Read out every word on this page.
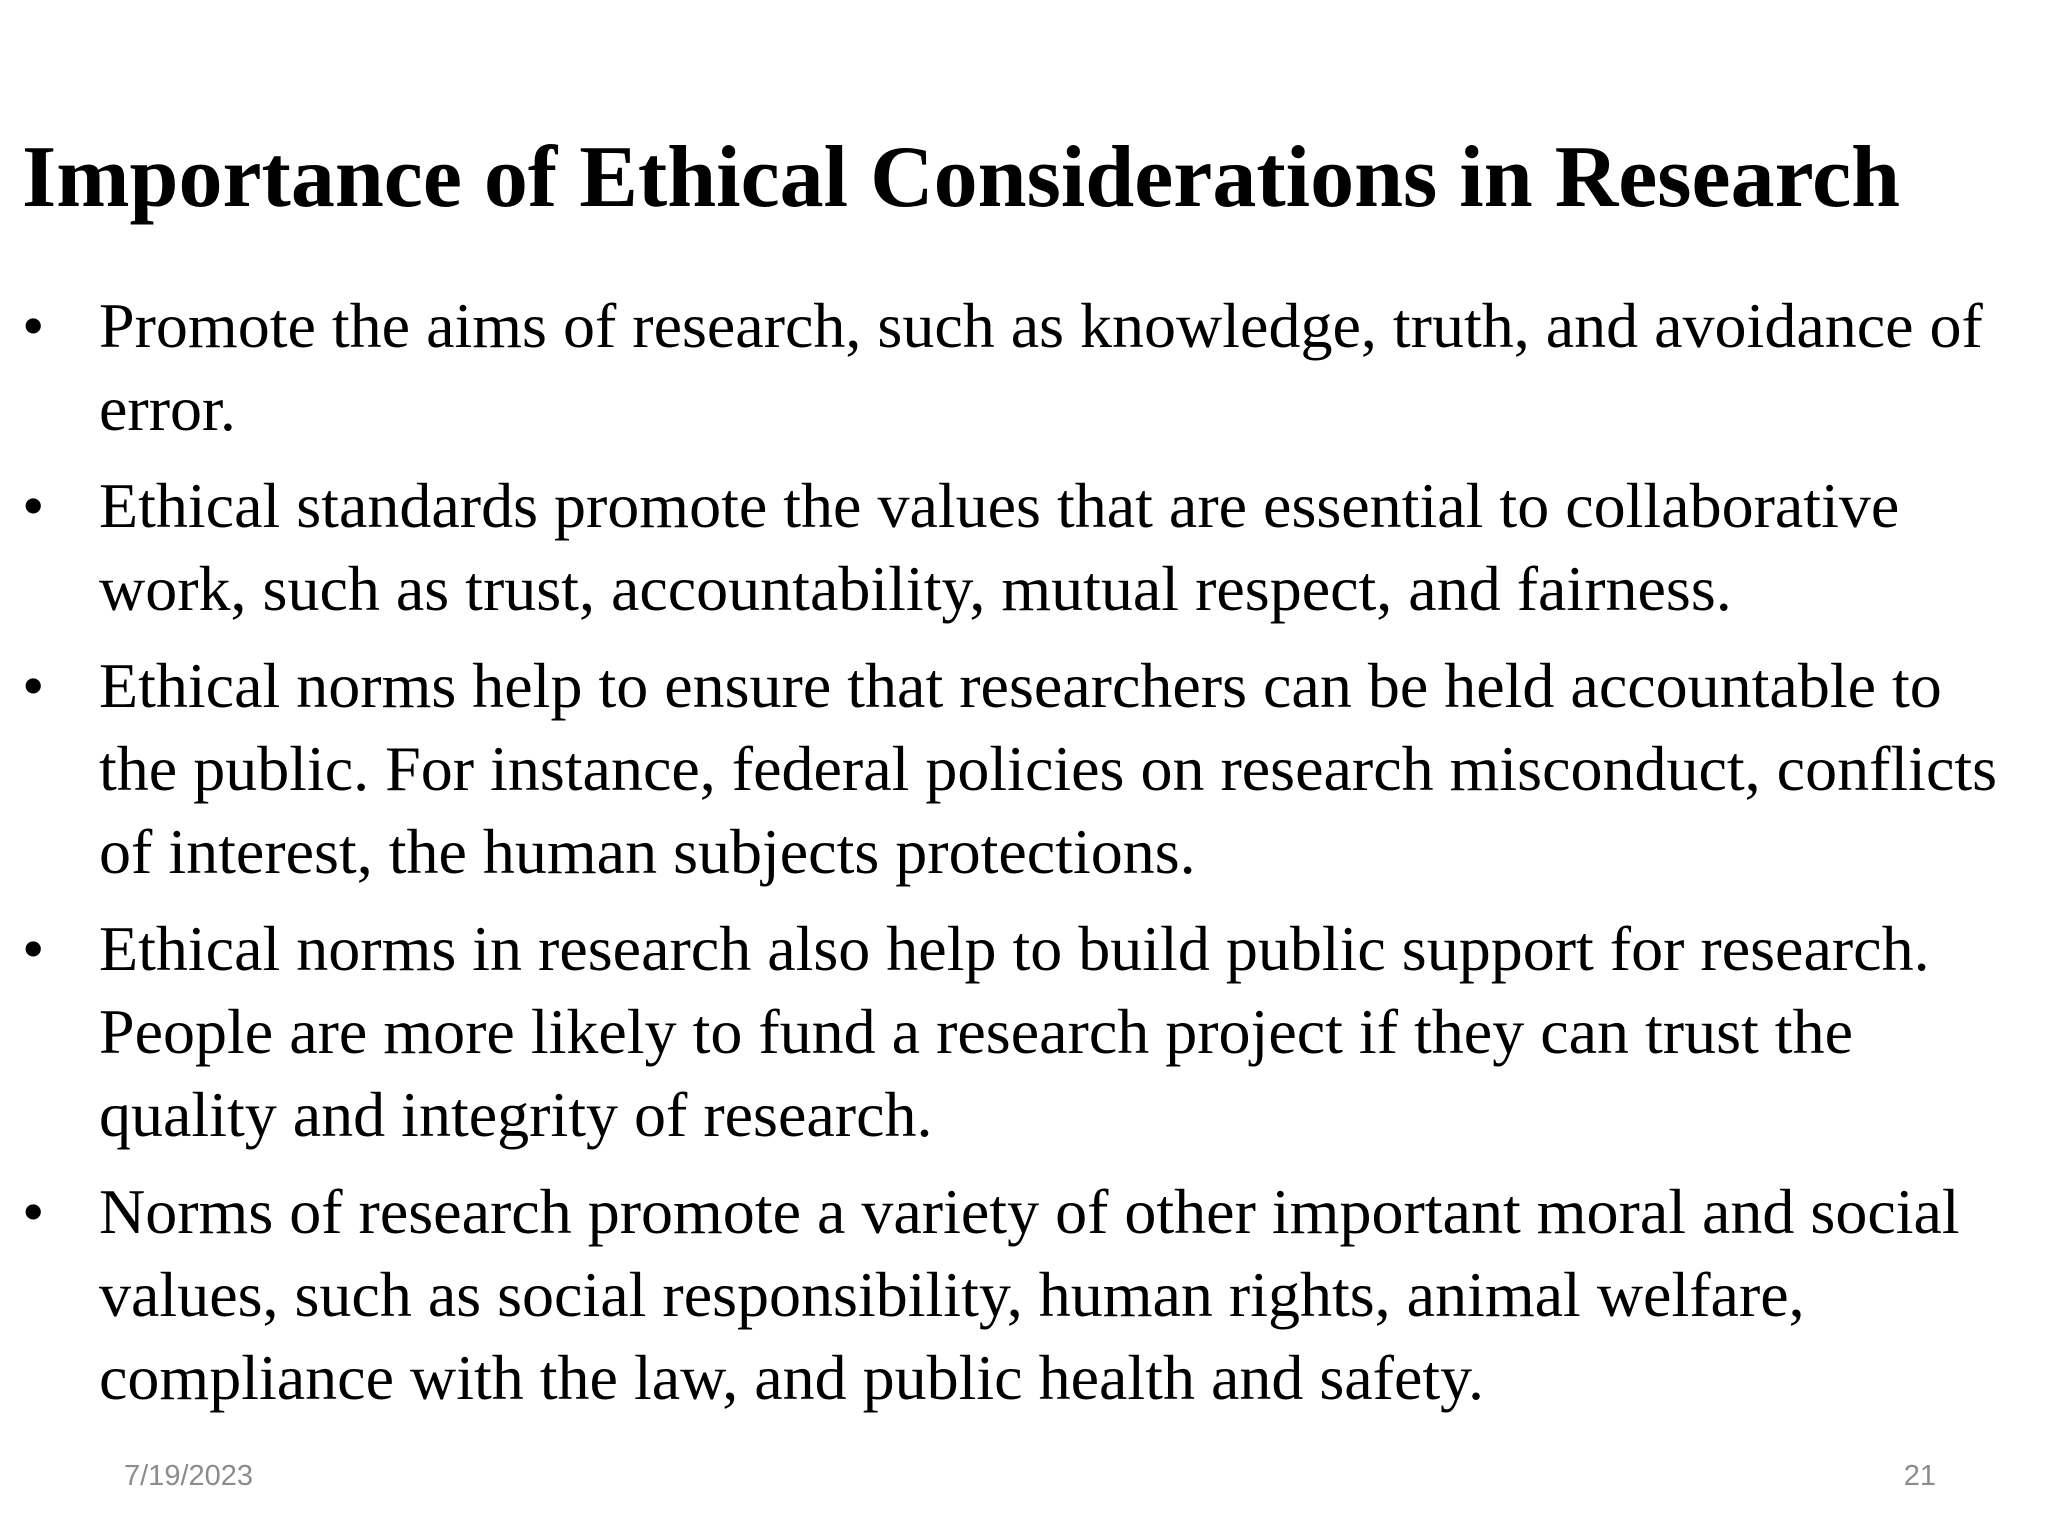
Importance of Ethical Considerations in Research
• Promote the aims of research, such as knowledge, truth, and avoidance of error.
• Ethical standards promote the values that are essential to collaborative work, such as trust, accountability, mutual respect, and fairness.
• Ethical norms help to ensure that researchers can be held accountable to the public. For instance, federal policies on research misconduct, conflicts of interest, the human subjects protections.
• Ethical norms in research also help to build public support for research. People are more likely to fund a research project if they can trust the quality and integrity of research.
• Norms of research promote a variety of other important moral and social values, such as social responsibility, human rights, animal welfare, compliance with the law, and public health and safety.
7/19/2023	21
